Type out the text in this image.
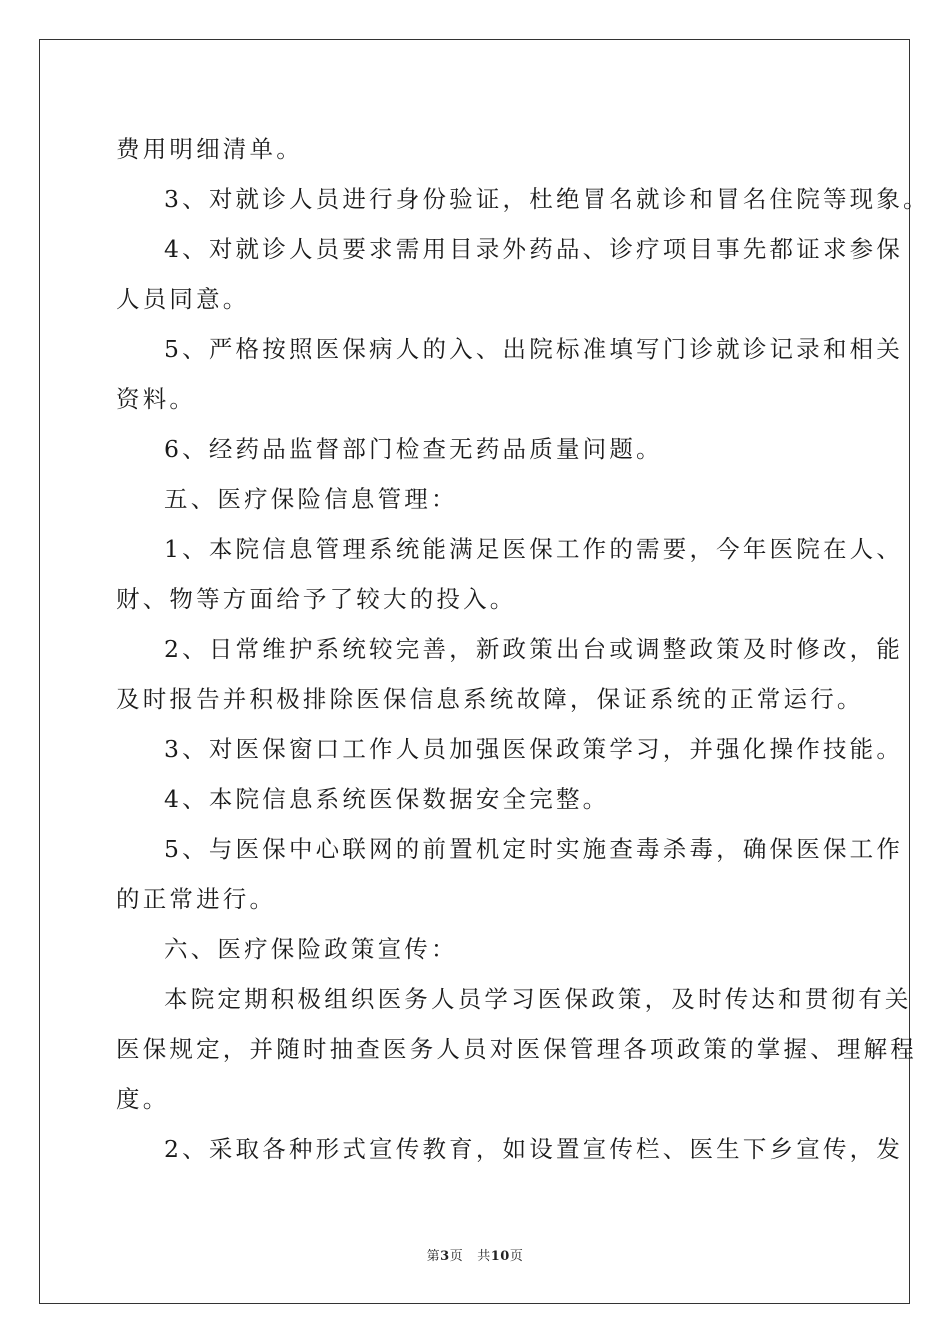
费用明细清单。
3、对就诊人员进行身份验证，杜绝冒名就诊和冒名住院等现象。
4、对就诊人员要求需用目录外药品、诊疗项目事先都证求参保
人员同意。
5、严格按照医保病人的入、出院标准填写门诊就诊记录和相关
资料。
6、经药品监督部门检查无药品质量问题。
五、医疗保险信息管理：
1、本院信息管理系统能满足医保工作的需要，今年医院在人、
财、物等方面给予了较大的投入。
2、日常维护系统较完善，新政策出台或调整政策及时修改，能
及时报告并积极排除医保信息系统故障，保证系统的正常运行。
3、对医保窗口工作人员加强医保政策学习，并强化操作技能。
4、本院信息系统医保数据安全完整。
5、与医保中心联网的前置机定时实施查毒杀毒，确保医保工作
的正常进行。
六、医疗保险政策宣传：
本院定期积极组织医务人员学习医保政策，及时传达和贯彻有关
医保规定，并随时抽查医务人员对医保管理各项政策的掌握、理解程
度。
2、采取各种形式宣传教育，如设置宣传栏、医生下乡宣传，发
第3页 共10页
